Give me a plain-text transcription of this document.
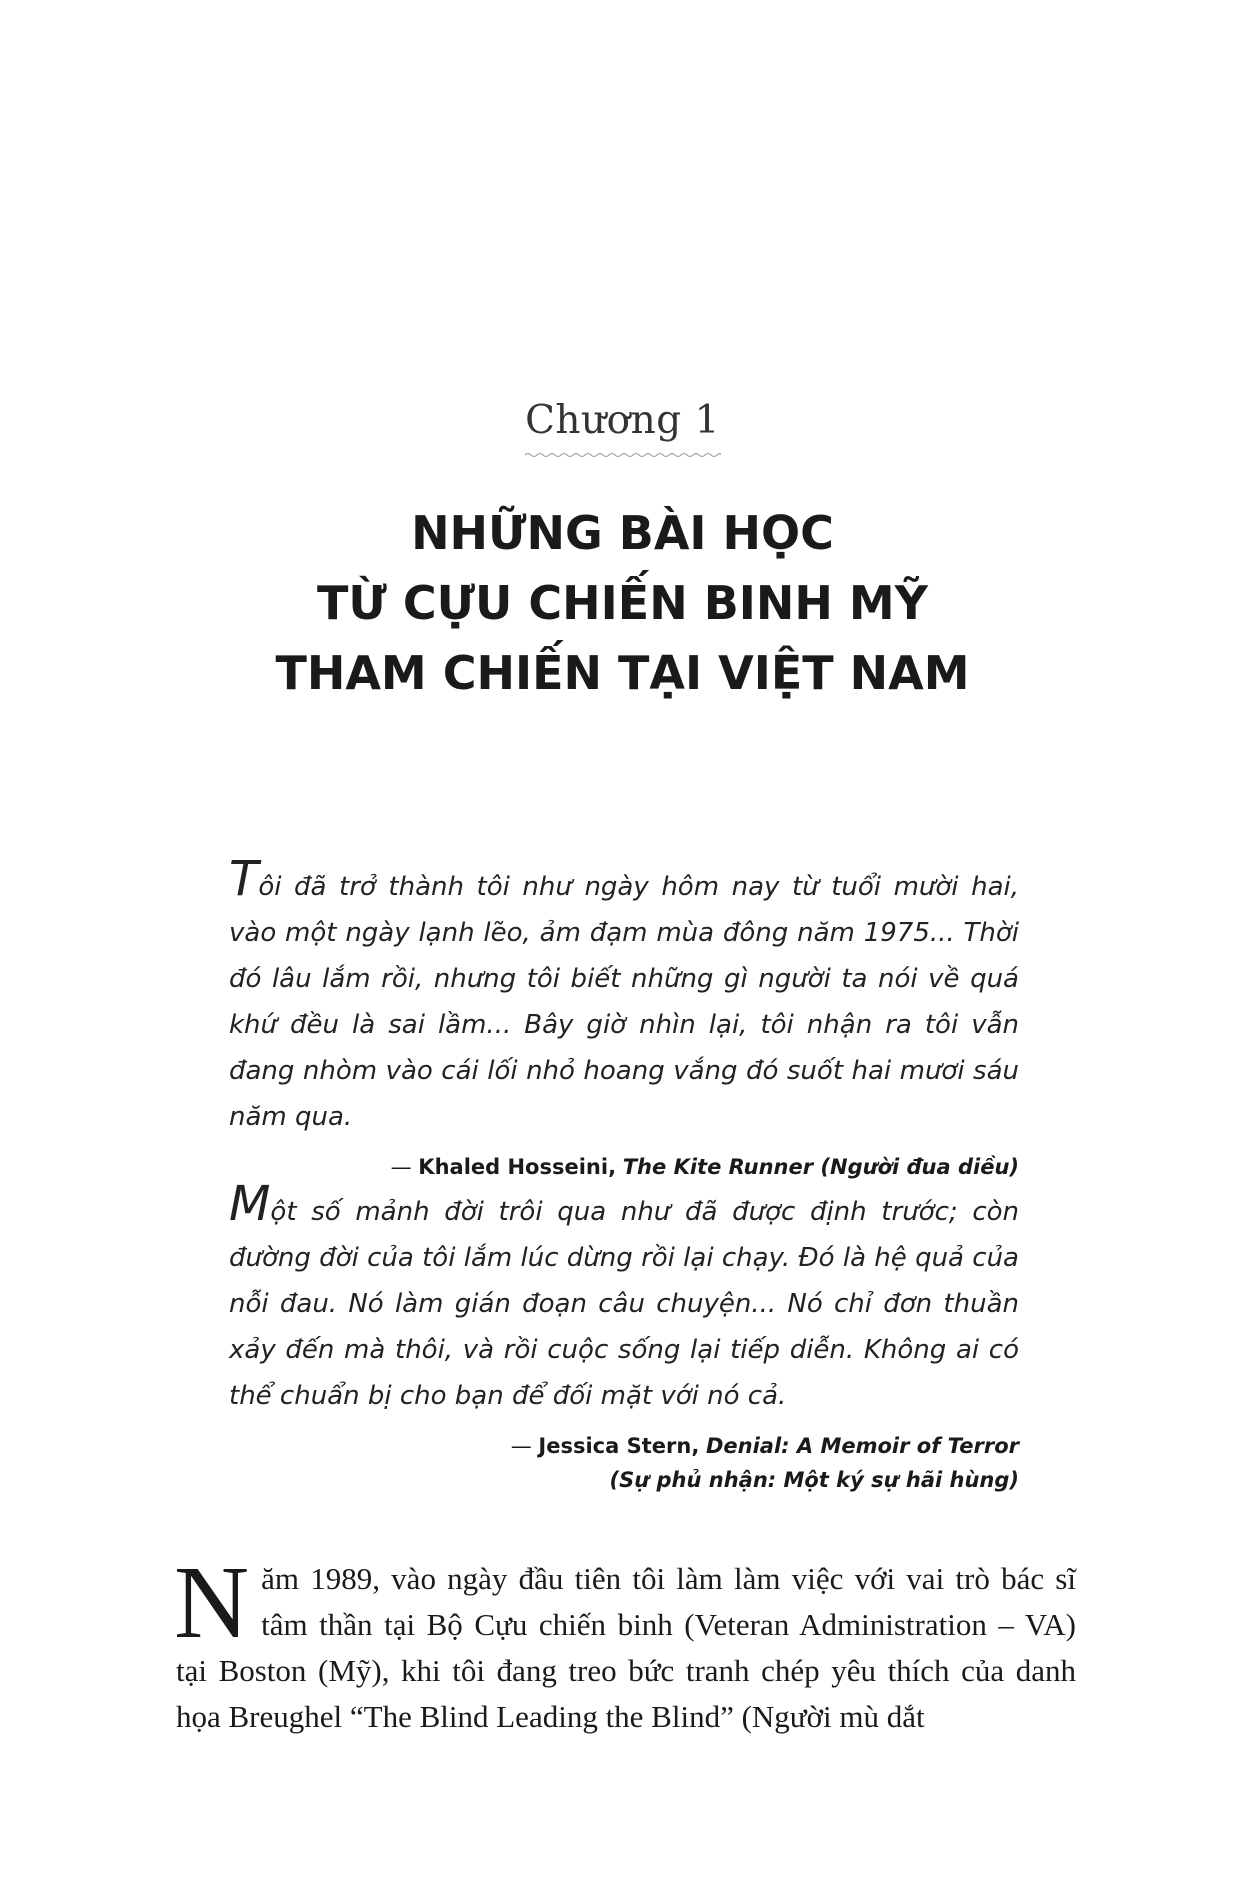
Chương 1
NHỮNG BÀI HỌC
TỪ CỰU CHIẾN BINH MỸ
THAM CHIẾN TẠI VIỆT NAM

Tôi đã trở thành tôi như ngày hôm nay từ tuổi mười hai, vào một ngày lạnh lẽo, ảm đạm mùa đông năm 1975... Thời đó lâu lắm rồi, nhưng tôi biết những gì người ta nói về quá khứ đều là sai lầm... Bây giờ nhìn lại, tôi nhận ra tôi vẫn đang nhòm vào cái lối nhỏ hoang vắng đó suốt hai mươi sáu năm qua.

— Khaled Hosseini, The Kite Runner (Người đua diều)

Một số mảnh đời trôi qua như đã được định trước; còn đường đời của tôi lắm lúc dừng rồi lại chạy. Đó là hệ quả của nỗi đau. Nó làm gián đoạn câu chuyện... Nó chỉ đơn thuần xảy đến mà thôi, và rồi cuộc sống lại tiếp diễn. Không ai có thể chuẩn bị cho bạn để đối mặt với nó cả.

— Jessica Stern, Denial: A Memoir of Terror
(Sự phủ nhận: Một ký sự hãi hùng)

Năm 1989, vào ngày đầu tiên tôi làm làm việc với vai trò bác sĩ tâm thần tại Bộ Cựu chiến binh (Veteran Administration – VA) tại Boston (Mỹ), khi tôi đang treo bức tranh chép yêu thích của danh họa Breughel “The Blind Leading the Blind” (Người mù dắt
